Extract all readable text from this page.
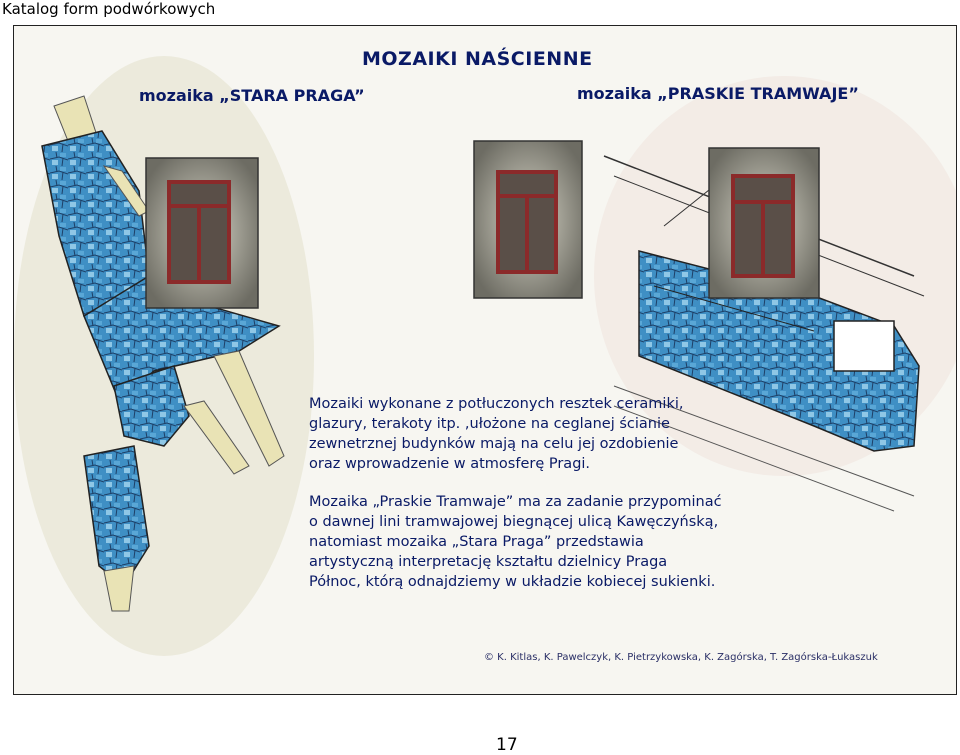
Katalog form podwórkowych
MOZAIKI NAŚCIENNE
mozaika „STARA PRAGA”	mozaika „PRASKIE TRAMWAJE”

Mozaiki wykonane z potłuczonych resztek ceramiki,

glazury, terakoty itp. ,ułożone na ceglanej ścianie

zewnetrznej budynków mają na celu jej ozdobienie

oraz wprowadzenie w atmosferę Pragi.

Mozaika „Praskie Tramwaje” ma za zadanie przypominać

o dawnej lini tramwajowej biegnącej ulicą Kawęczyńską,

natomiast mozaika „Stara Praga” przedstawia

artystyczną interpretację kształtu dzielnicy Praga

Północ, którą odnajdziemy w układzie kobiecej sukienki.

© K. Kitlas, K. Pawelczyk, K. Pietrzykowska, K. Zagórska, T. Zagórska-Łukaszuk
17
